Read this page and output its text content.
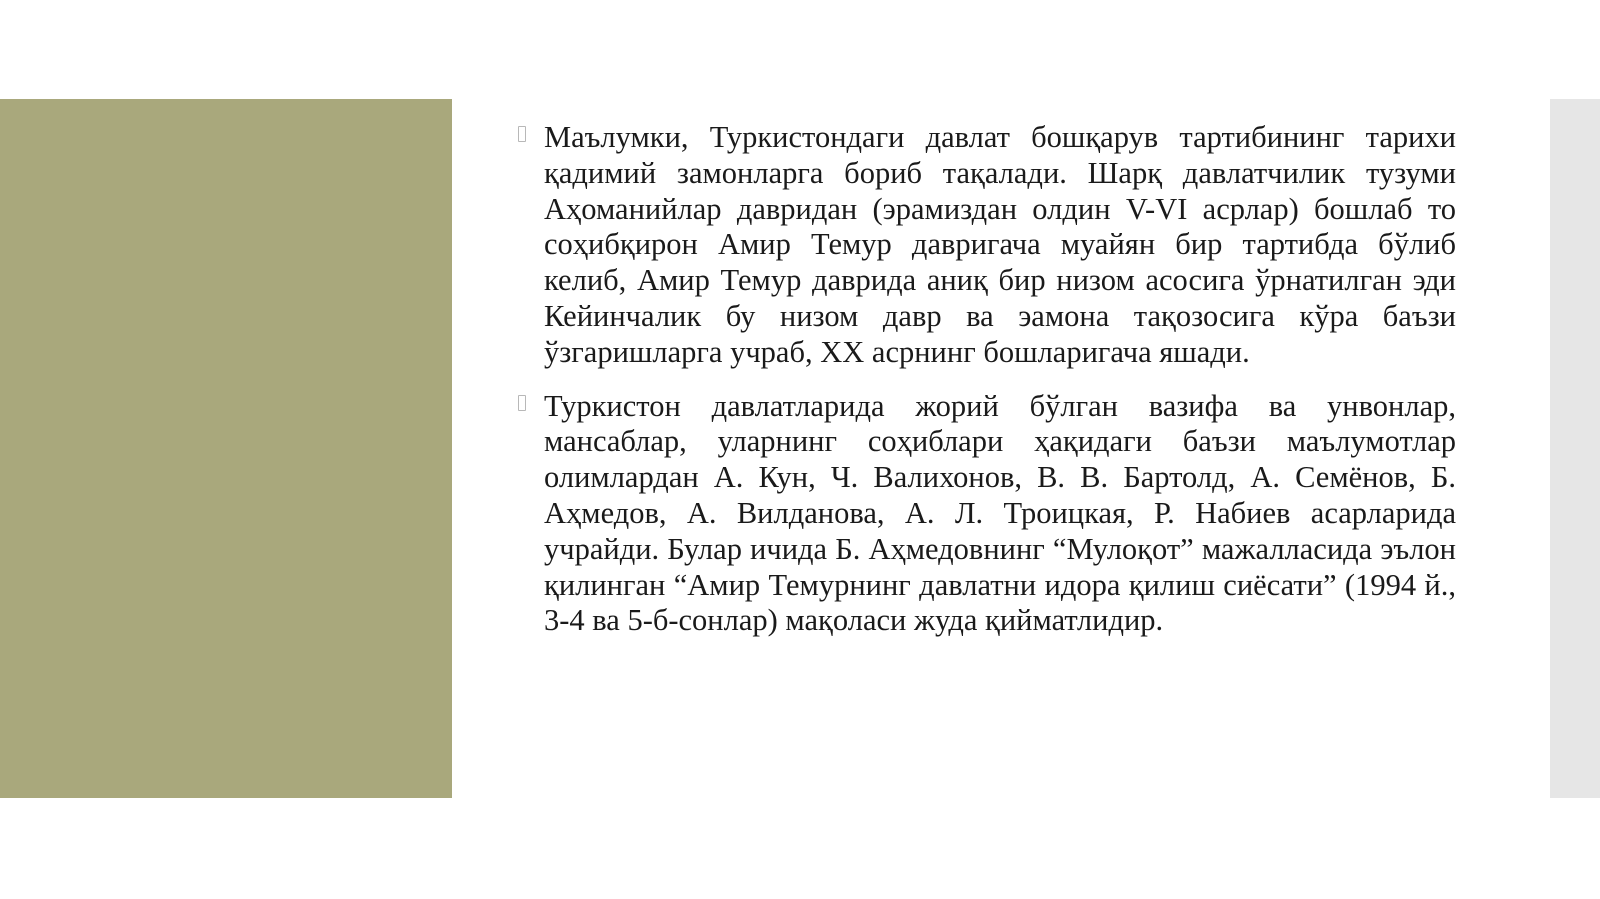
Маълумки, Туркистондаги давлат бошқарув тартибининг тарихи қадимий замонларга бориб тақалади. Шарқ давлатчилик тузуми Аҳоманийлар давридан (эрамиздан олдин V-VI асрлар) бошлаб то соҳибқирон Амир Темур давригача муайян бир тартибда бўлиб келиб, Амир Темур даврида аниқ бир низом асосига ўрнатилган эди Кейинчалик бу низом давр ва эамона тақозосига кўра баъзи ўзгаришларга учраб, ХХ асрнинг бошларигача яшади.

Туркистон давлатларида жорий бўлган вазифа ва унвонлар, мансаблар, уларнинг соҳиблари ҳақидаги баъзи маълумотлар олимлардан А. Кун, Ч. Валихонов, В. В. Бартолд, А. Семёнов, Б. Аҳмедов, А. Вилданова, А. Л. Троицкая, Р. Набиев асарларида учрайди. Булар ичида Б. Аҳмедовнинг “Мулоқот” мажалласида эълон қилинган “Амир Темурнинг давлатни идора қилиш сиёсати” (1994 й., 3-4 ва 5-б-сонлар) мақоласи жуда қийматлидир.
